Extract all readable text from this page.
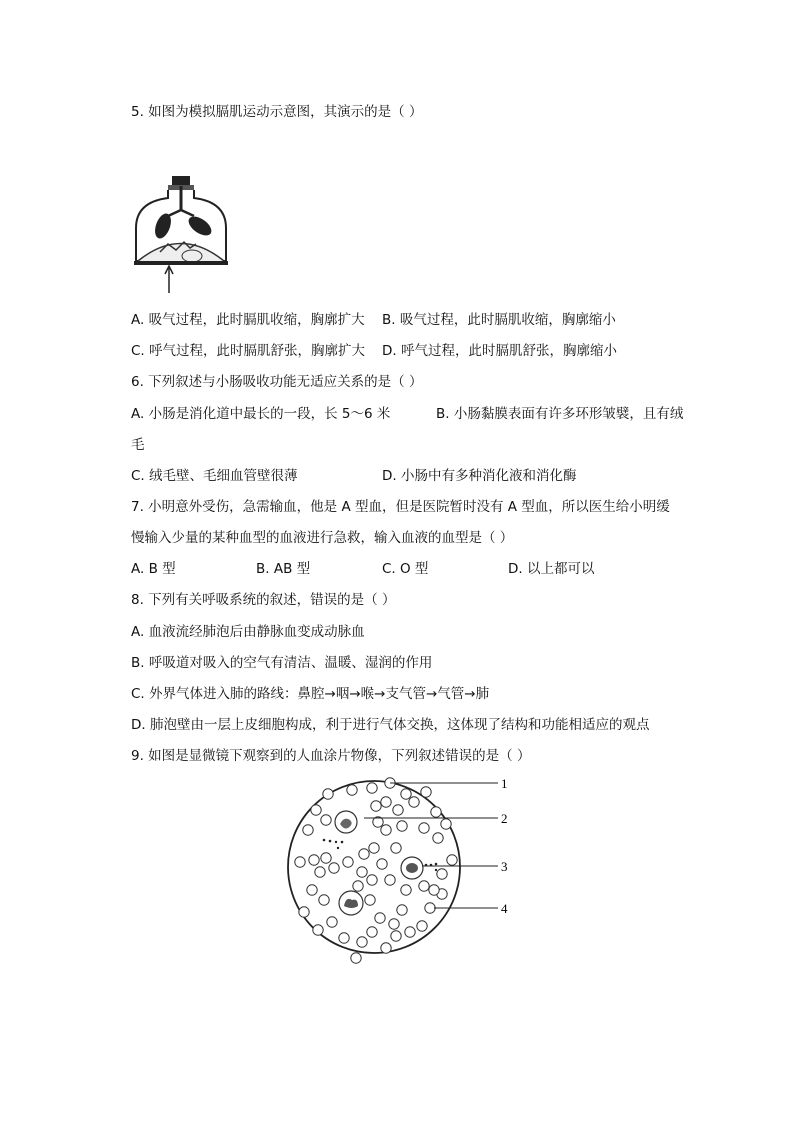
5. 如图为模拟膈肌运动示意图，其演示的是（ ）
A. 吸气过程，此时膈肌收缩，胸廓扩大 B. 吸气过程，此时膈肌收缩，胸廓缩小
C. 呼气过程，此时膈肌舒张，胸廓扩大 D. 呼气过程，此时膈肌舒张，胸廓缩小
6. 下列叙述与小肠吸收功能无适应关系的是（ ）
A. 小肠是消化道中最长的一段，长 5～6 米	B. 小肠黏膜表面有许多环形皱襞，且有绒
毛
C. 绒毛壁、毛细血管壁很薄	D. 小肠中有多种消化液和消化酶
7. 小明意外受伤，急需输血，他是 A 型血，但是医院暂时没有 A 型血，所以医生给小明缓
慢输入少量的某种血型的血液进行急救，输入血液的血型是（ ）
A. B 型	B. AB 型	C. O 型	D. 以上都可以
8. 下列有关呼吸系统的叙述，错误的是（ ）
A. 血液流经肺泡后由静脉血变成动脉血
B. 呼吸道对吸入的空气有清洁、温暖、湿润的作用
C. 外界气体进入肺的路线：鼻腔→咽→喉→支气管→气管→肺
D. 肺泡壁由一层上皮细胞构成，利于进行气体交换，这体现了结构和功能相适应的观点
9. 如图是显微镜下观察到的人血涂片物像，下列叙述错误的是（ ）
1
2
3
4
